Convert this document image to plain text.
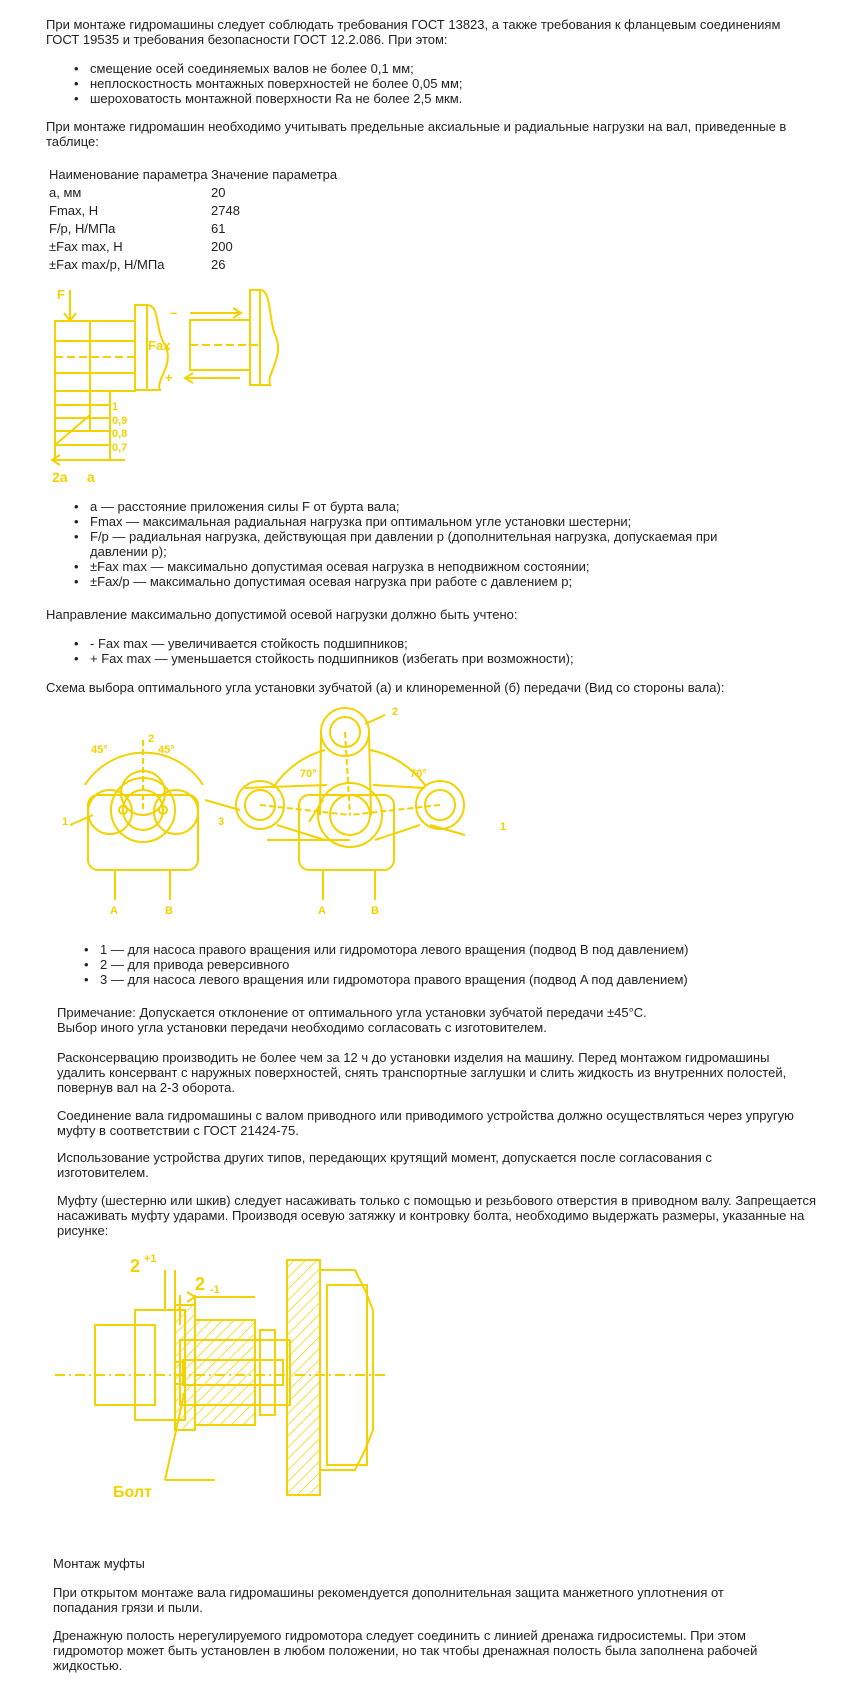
При монтаже гидромашины следует соблюдать требования ГОСТ 13823, а также требования к фланцевым соединениям ГОСТ 19535 и требования безопасности ГОСТ 12.2.086. При этом:

• смещение осей соединяемых валов не более 0,1 мм;
• неплоскостность монтажных поверхностей не более 0,05 мм;
• шероховатость монтажной поверхности Ra не более 2,5 мкм.

При монтаже гидромашин необходимо учитывать предельные аксиальные и радиальные нагрузки на вал, приведенные в таблице:

Наименование параметра	Значение параметра
a, мм	20
Fmax, H	2748
F/p, Н/МПа	61
±Fax max, H	200
±Fax max/p, Н/МПа	26
F
Fax
–
+
1
0,9
0,8
0,7
2a a
• a — расстояние приложения силы F от бурта вала;
• Fmax — максимальная радиальная нагрузка при оптимальном угле установки шестерни;
• F/p — радиальная нагрузка, действующая при давлении p (дополнительная нагрузка, допускаемая при давлении p);
• ±Fax max — максимально допустимая осевая нагрузка в неподвижном состоянии;
• ±Fax/p — максимально допустимая осевая нагрузка при работе с давлением p;

Направление максимально допустимой осевой нагрузки должно быть учтено:

• - Fax max — увеличивается стойкость подшипников;
• + Fax max — уменьшается стойкость подшипников (избегать при возможности);

Схема выбора оптимального угла установки зубчатой (а) и клиноременной (б) передачи (Вид со стороны вала):

45°	45°
2
1	3
A	B
70°	70°
2
1
A	B
• 1 — для насоса правого вращения или гидромотора левого вращения (подвод B под давлением)
• 2 — для привода реверсивного
• 3 — для насоса левого вращения или гидромотора правого вращения (подвод A под давлением)

Примечание: Допускается отклонение от оптимального угла установки зубчатой передачи ±45°С.

Выбор иного угла установки передачи необходимо согласовать с изготовителем.

Расконсервацию производить не более чем за 12 ч до установки изделия на машину. Перед монтажом гидромашины удалить консервант с наружных поверхностей, снять транспортные заглушки и слить жидкость из внутренних полостей, повернув вал на 2-3 оборота.

Соединение вала гидромашины с валом приводного или приводимого устройства должно осуществляться через упругую муфту в соответствии с ГОСТ 21424-75.

Использование устройства других типов, передающих крутящий момент, допускается после согласования с изготовителем.

Муфту (шестерню или шкив) следует насаживать только с помощью и резьбового отверстия в приводном валу. Запрещается насаживать муфту ударами. Производя осевую затяжку и контровку болта, необходимо выдержать размеры, указанные на рисунке:

2 +1
2 -1
Болт

Монтаж муфты

При открытом монтаже вала гидромашины рекомендуется дополнительная защита манжетного уплотнения от попадания грязи и пыли.

Дренажную полость нерегулируемого гидромотора следует соединить с линией дренажа гидросистемы. При этом гидромотор может быть установлен в любом положении, но так чтобы дренажная полость была заполнена рабочей жидкостью.
